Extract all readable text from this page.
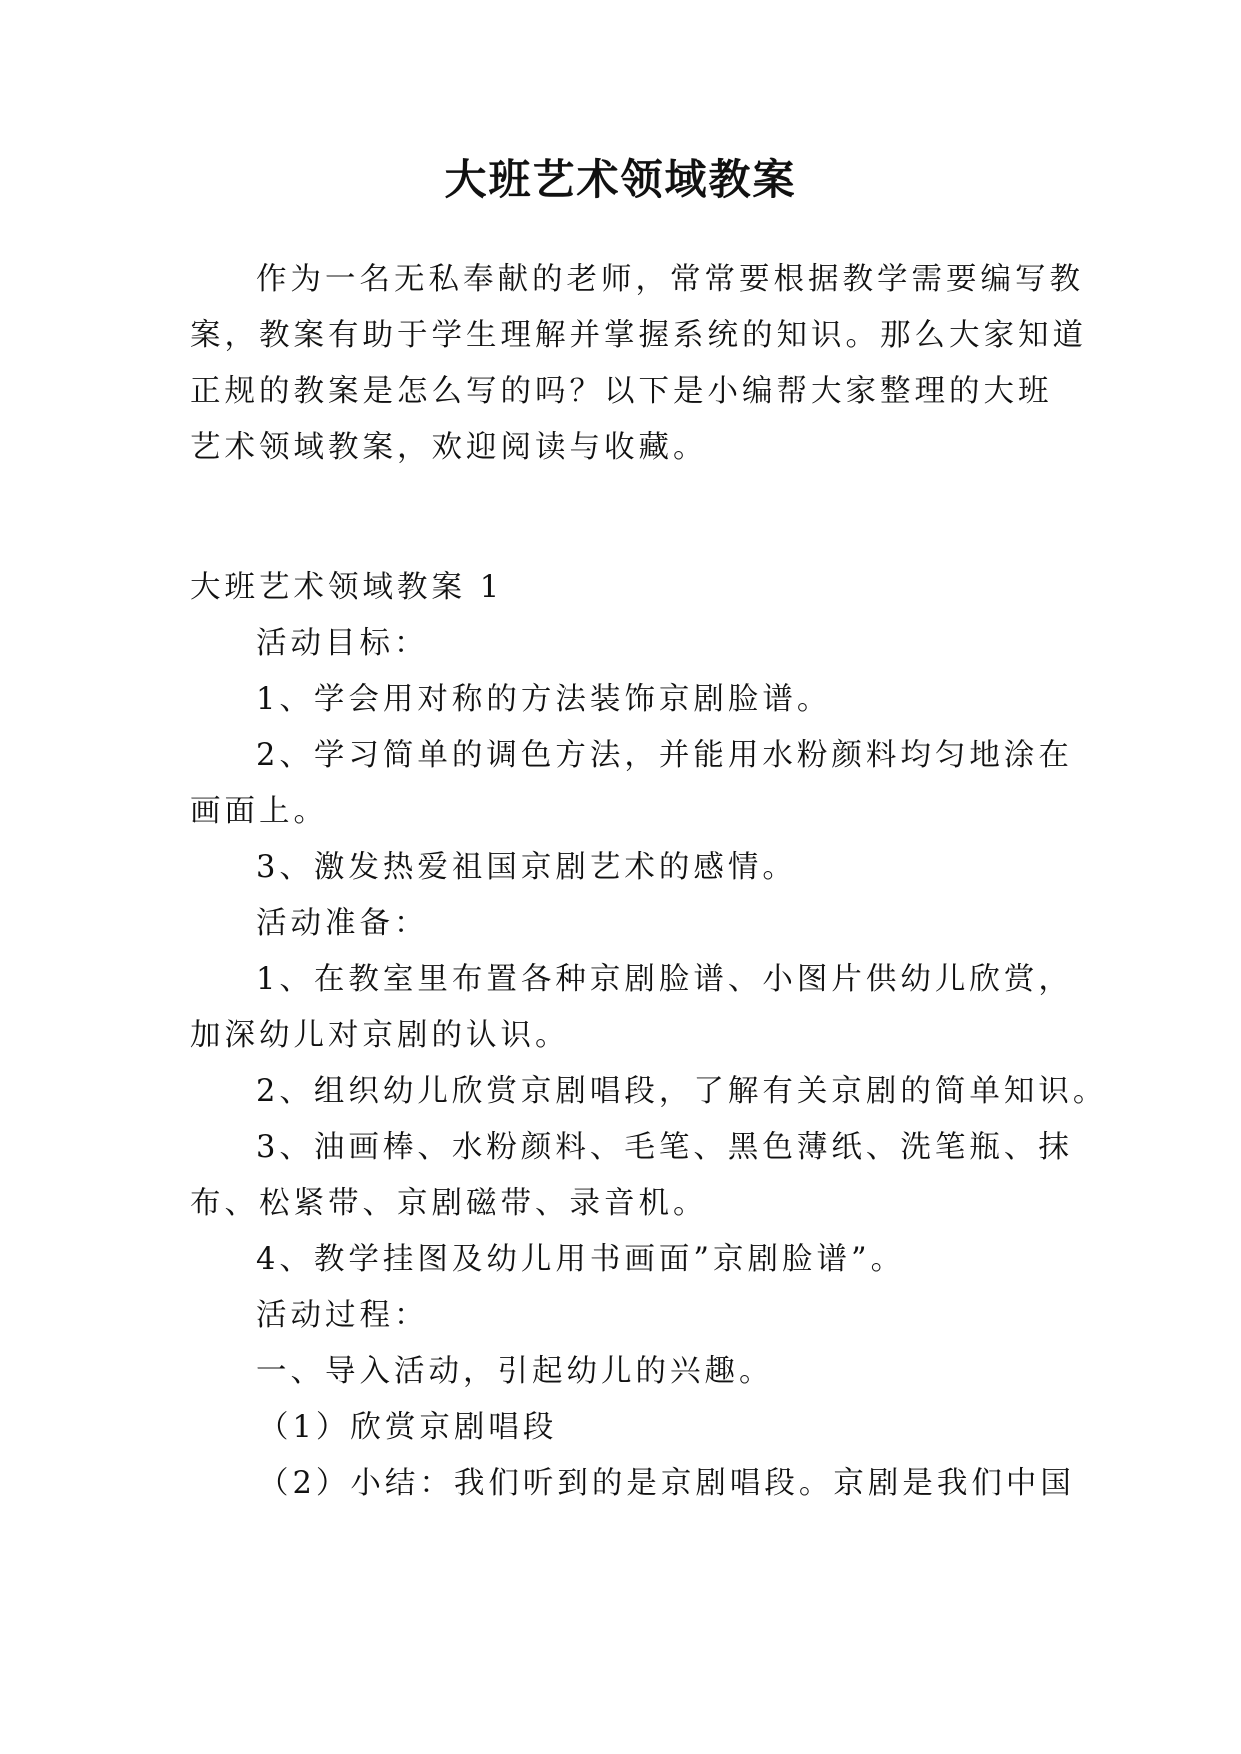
大班艺术领域教案

作为一名无私奉献的老师，常常要根据教学需要编写教

案，教案有助于学生理解并掌握系统的知识。那么大家知道

正规的教案是怎么写的吗？以下是小编帮大家整理的大班

艺术领域教案，欢迎阅读与收藏。

大班艺术领域教案 1

活动目标：

1、学会用对称的方法装饰京剧脸谱。

2、学习简单的调色方法，并能用水粉颜料均匀地涂在

画面上。

3、激发热爱祖国京剧艺术的感情。

活动准备：

1、在教室里布置各种京剧脸谱、小图片供幼儿欣赏，

加深幼儿对京剧的认识。

2、组织幼儿欣赏京剧唱段，了解有关京剧的简单知识。

3、油画棒、水粉颜料、毛笔、黑色薄纸、洗笔瓶、抹

布、松紧带、京剧磁带、录音机。

4、教学挂图及幼儿用书画面”京剧脸谱”。

活动过程：

一、导入活动，引起幼儿的兴趣。

（1）欣赏京剧唱段

（2）小结：我们听到的是京剧唱段。京剧是我们中国
